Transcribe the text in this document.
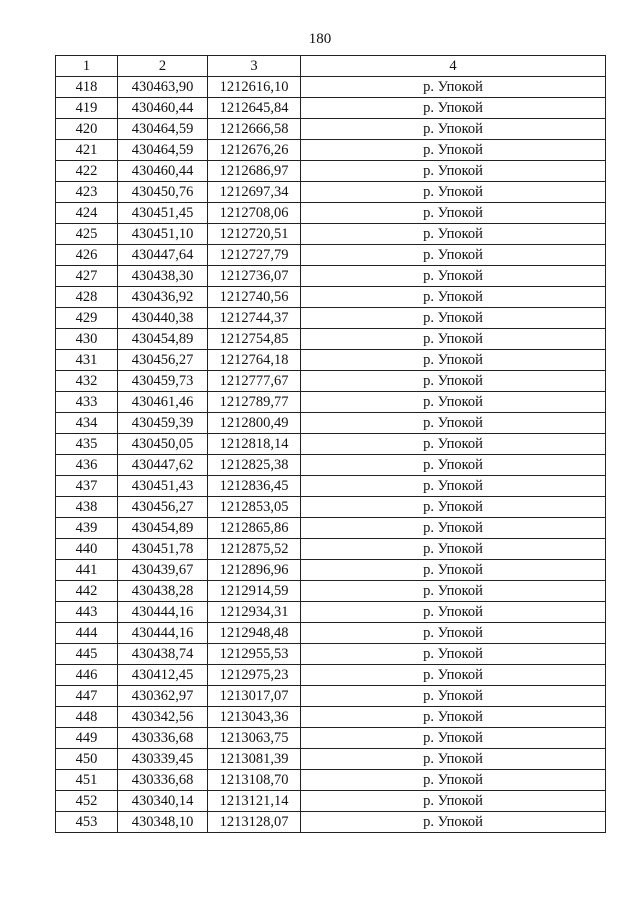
180
1	2	3	4
418	430463,90	1212616,10	р. Упокой
419	430460,44	1212645,84	р. Упокой
420	430464,59	1212666,58	р. Упокой
421	430464,59	1212676,26	р. Упокой
422	430460,44	1212686,97	р. Упокой
423	430450,76	1212697,34	р. Упокой
424	430451,45	1212708,06	р. Упокой
425	430451,10	1212720,51	р. Упокой
426	430447,64	1212727,79	р. Упокой
427	430438,30	1212736,07	р. Упокой
428	430436,92	1212740,56	р. Упокой
429	430440,38	1212744,37	р. Упокой
430	430454,89	1212754,85	р. Упокой
431	430456,27	1212764,18	р. Упокой
432	430459,73	1212777,67	р. Упокой
433	430461,46	1212789,77	р. Упокой
434	430459,39	1212800,49	р. Упокой
435	430450,05	1212818,14	р. Упокой
436	430447,62	1212825,38	р. Упокой
437	430451,43	1212836,45	р. Упокой
438	430456,27	1212853,05	р. Упокой
439	430454,89	1212865,86	р. Упокой
440	430451,78	1212875,52	р. Упокой
441	430439,67	1212896,96	р. Упокой
442	430438,28	1212914,59	р. Упокой
443	430444,16	1212934,31	р. Упокой
444	430444,16	1212948,48	р. Упокой
445	430438,74	1212955,53	р. Упокой
446	430412,45	1212975,23	р. Упокой
447	430362,97	1213017,07	р. Упокой
448	430342,56	1213043,36	р. Упокой
449	430336,68	1213063,75	р. Упокой
450	430339,45	1213081,39	р. Упокой
451	430336,68	1213108,70	р. Упокой
452	430340,14	1213121,14	р. Упокой
453	430348,10	1213128,07	р. Упокой
